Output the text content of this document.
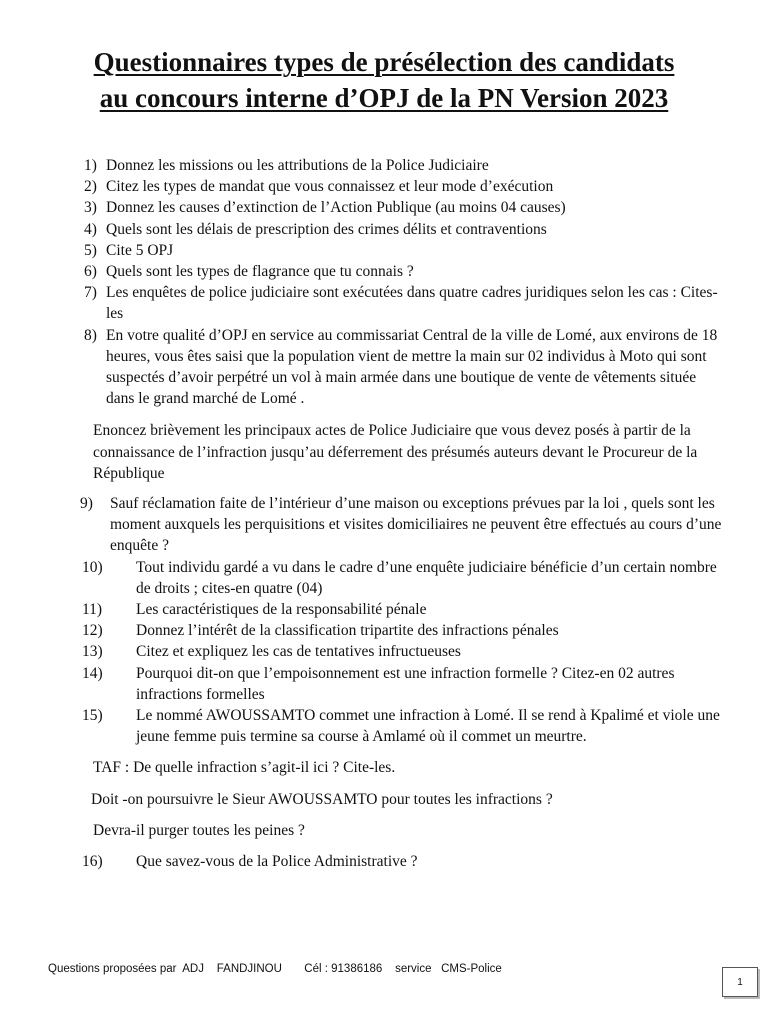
Questionnaires types de présélection des candidats
au concours interne d’OPJ de la PN Version 2023
1) Donnez les missions ou les attributions de la Police Judiciaire
2) Citez les types de mandat que vous connaissez et leur mode d’exécution
3) Donnez les causes d’extinction de l’Action Publique (au moins 04 causes)
4) Quels sont les délais de prescription des crimes délits et contraventions
5) Cite 5 OPJ
6) Quels sont les types de flagrance que tu connais ?
7) Les enquêtes de police judiciaire sont exécutées dans quatre cadres juridiques selon les cas : Cites-les
8) En votre qualité d’OPJ en service au commissariat Central de la ville de Lomé, aux environs de 18 heures, vous êtes saisi que la population vient de mettre la main sur 02 individus à Moto qui sont suspectés d’avoir perpétré un vol à main armée dans une boutique de vente de vêtements située dans le grand marché de Lomé .
Enoncez brièvement les principaux actes de Police Judiciaire que vous devez posés à partir de la connaissance de l’infraction jusqu’au déferrement des présumés auteurs devant le Procureur de la République
9)	Sauf réclamation faite de l’intérieur d’une maison ou exceptions prévues par la loi , quels sont les moment auxquels les perquisitions et visites domiciliaires ne peuvent être effectués au cours d’une enquête ?
10)	Tout individu gardé a vu dans le cadre d’une enquête judiciaire bénéficie d’un certain nombre de droits ; cites-en quatre (04)
11)	Les caractéristiques de la responsabilité pénale
12)	Donnez l’intérêt de la classification tripartite des infractions pénales
13)	Citez et expliquez les cas de tentatives infructueuses
14)	Pourquoi dit-on que l’empoisonnement est une infraction formelle ? Citez-en 02 autres infractions formelles
15)	Le nommé AWOUSSAMTO commet une infraction à Lomé. Il se rend à Kpalimé et viole une jeune femme puis termine sa course à Amlamé où il commet un meurtre.
TAF : De quelle infraction s’agit-il ici ? Cite-les.
Doit -on poursuivre le Sieur AWOUSSAMTO pour toutes les infractions ?
Devra-il purger toutes les peines ?
16)	Que savez-vous de la Police Administrative ?
Questions proposées par  ADJ    FANDJINOU       Cél : 91386186    service   CMS-Police
1
